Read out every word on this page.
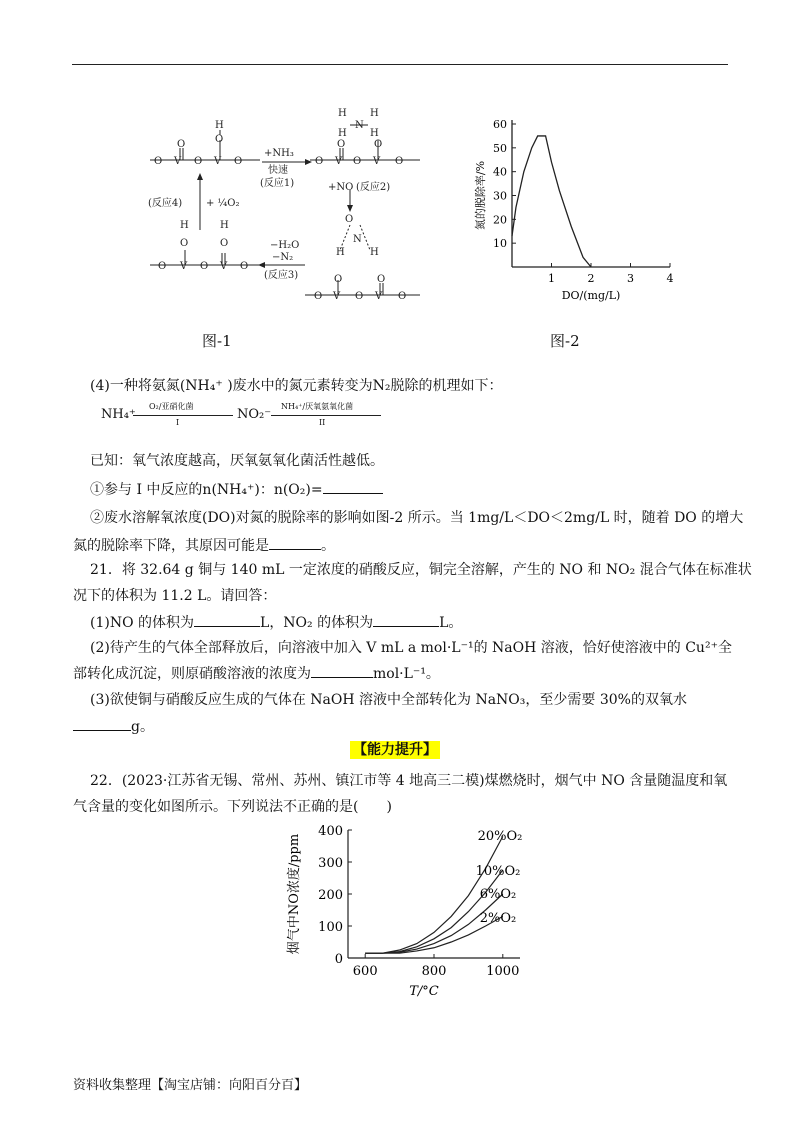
H
O
O
O V O V O
H H
N
H H
O	O
O V O V O
O
N
H	H
O	O
O V O V O
H
O
H
O
O V O V O
+NH₃
快速
(反应1)	+NO (反应2)
−H₂O
−N₂
(反应3)
(反应4) + ¼O₂
图-1
10
20
30
40
50
60
1	2	3	4
DO/(mg/L)
氮的脱除率/%
图-2
(4)一种将氨氮(NH₄⁺ )废水中的氮元素转变为N₂脱除的机理如下：
NH₄⁺
O₂/亚硝化菌
I
NO₂⁻
NH₄⁺/厌氧氨氧化菌
II
已知：氧气浓度越高，厌氧氨氧化菌活性越低。
①参与 I 中反应的n(NH₄⁺)：n(O₂)=
②废水溶解氧浓度(DO)对氮的脱除率的影响如图-2 所示。当 1mg/L＜DO＜2mg/L 时，随着 DO 的增大
氮的脱除率下降，其原因可能是	。
21．将 32.64 g 铜与 140 mL 一定浓度的硝酸反应，铜完全溶解，产生的 NO 和 NO₂ 混合气体在标准状
况下的体积为 11.2 L。请回答：
(1)NO 的体积为	L，NO₂ 的体积为	L。
(2)待产生的气体全部释放后，向溶液中加入 V mL a mol·L⁻¹的 NaOH 溶液，恰好使溶液中的 Cu²⁺全
部转化成沉淀，则原硝酸溶液的浓度为	mol·L⁻¹。
(3)欲使铜与硝酸反应生成的气体在 NaOH 溶液中全部转化为 NaNO₃，至少需要 30%的双氧水
g。
【能力提升】
22．(2023·江苏省无锡、常州、苏州、镇江市等 4 地高三二模)煤燃烧时，烟气中 NO 含量随温度和氧
气含量的变化如图所示。下列说法不正确的是(　　)
0
100
200
300
400
600	800	1000
T/°C
烟气中NO浓度/ppm	20%O₂
10%O₂
6%O₂
2%O₂
资料收集整理【淘宝店铺：向阳百分百】
